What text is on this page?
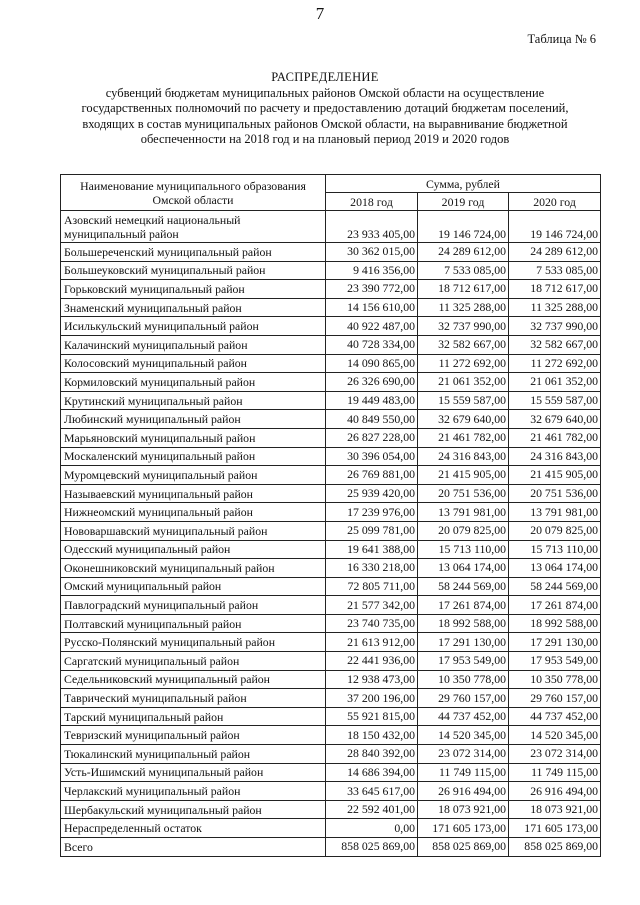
7
Таблица № 6
РАСПРЕДЕЛЕНИЕ
субвенций бюджетам муниципальных районов Омской области на осуществление
государственных полномочий по расчету и предоставлению дотаций бюджетам поселений,
входящих в состав муниципальных районов Омской области, на выравнивание бюджетной
обеспеченности на 2018 год и на плановый период 2019 и 2020 годов
Наименование муниципального образования Омской области	Сумма, рублей		
	2018 год	2019 год	2020 год
Азовский немецкий национальный муниципальный район	23 933 405,00	19 146 724,00	19 146 724,00
Большереченский муниципальный район	30 362 015,00	24 289 612,00	24 289 612,00
Большеуковский муниципальный район	9 416 356,00	7 533 085,00	7 533 085,00
Горьковский муниципальный район	23 390 772,00	18 712 617,00	18 712 617,00
Знаменский муниципальный район	14 156 610,00	11 325 288,00	11 325 288,00
Исилькульский муниципальный район	40 922 487,00	32 737 990,00	32 737 990,00
Калачинский муниципальный район	40 728 334,00	32 582 667,00	32 582 667,00
Колосовский муниципальный район	14 090 865,00	11 272 692,00	11 272 692,00
Кормиловский муниципальный район	26 326 690,00	21 061 352,00	21 061 352,00
Крутинский муниципальный район	19 449 483,00	15 559 587,00	15 559 587,00
Любинский муниципальный район	40 849 550,00	32 679 640,00	32 679 640,00
Марьяновский муниципальный район	26 827 228,00	21 461 782,00	21 461 782,00
Москаленский муниципальный район	30 396 054,00	24 316 843,00	24 316 843,00
Муромцевский муниципальный район	26 769 881,00	21 415 905,00	21 415 905,00
Называевский муниципальный район	25 939 420,00	20 751 536,00	20 751 536,00
Нижнеомский муниципальный район	17 239 976,00	13 791 981,00	13 791 981,00
Нововаршавский муниципальный район	25 099 781,00	20 079 825,00	20 079 825,00
Одесский муниципальный район	19 641 388,00	15 713 110,00	15 713 110,00
Оконешниковский муниципальный район	16 330 218,00	13 064 174,00	13 064 174,00
Омский муниципальный район	72 805 711,00	58 244 569,00	58 244 569,00
Павлоградский муниципальный район	21 577 342,00	17 261 874,00	17 261 874,00
Полтавский муниципальный район	23 740 735,00	18 992 588,00	18 992 588,00
Русско-Полянский муниципальный район	21 613 912,00	17 291 130,00	17 291 130,00
Саргатский муниципальный район	22 441 936,00	17 953 549,00	17 953 549,00
Седельниковский муниципальный район	12 938 473,00	10 350 778,00	10 350 778,00
Таврический муниципальный район	37 200 196,00	29 760 157,00	29 760 157,00
Тарский муниципальный район	55 921 815,00	44 737 452,00	44 737 452,00
Тевризский муниципальный район	18 150 432,00	14 520 345,00	14 520 345,00
Тюкалинский муниципальный район	28 840 392,00	23 072 314,00	23 072 314,00
Усть-Ишимский муниципальный район	14 686 394,00	11 749 115,00	11 749 115,00
Черлакский муниципальный район	33 645 617,00	26 916 494,00	26 916 494,00
Шербакульский муниципальный район	22 592 401,00	18 073 921,00	18 073 921,00
Нераспределенный остаток	0,00	171 605 173,00	171 605 173,00
Всего	858 025 869,00	858 025 869,00	858 025 869,00
